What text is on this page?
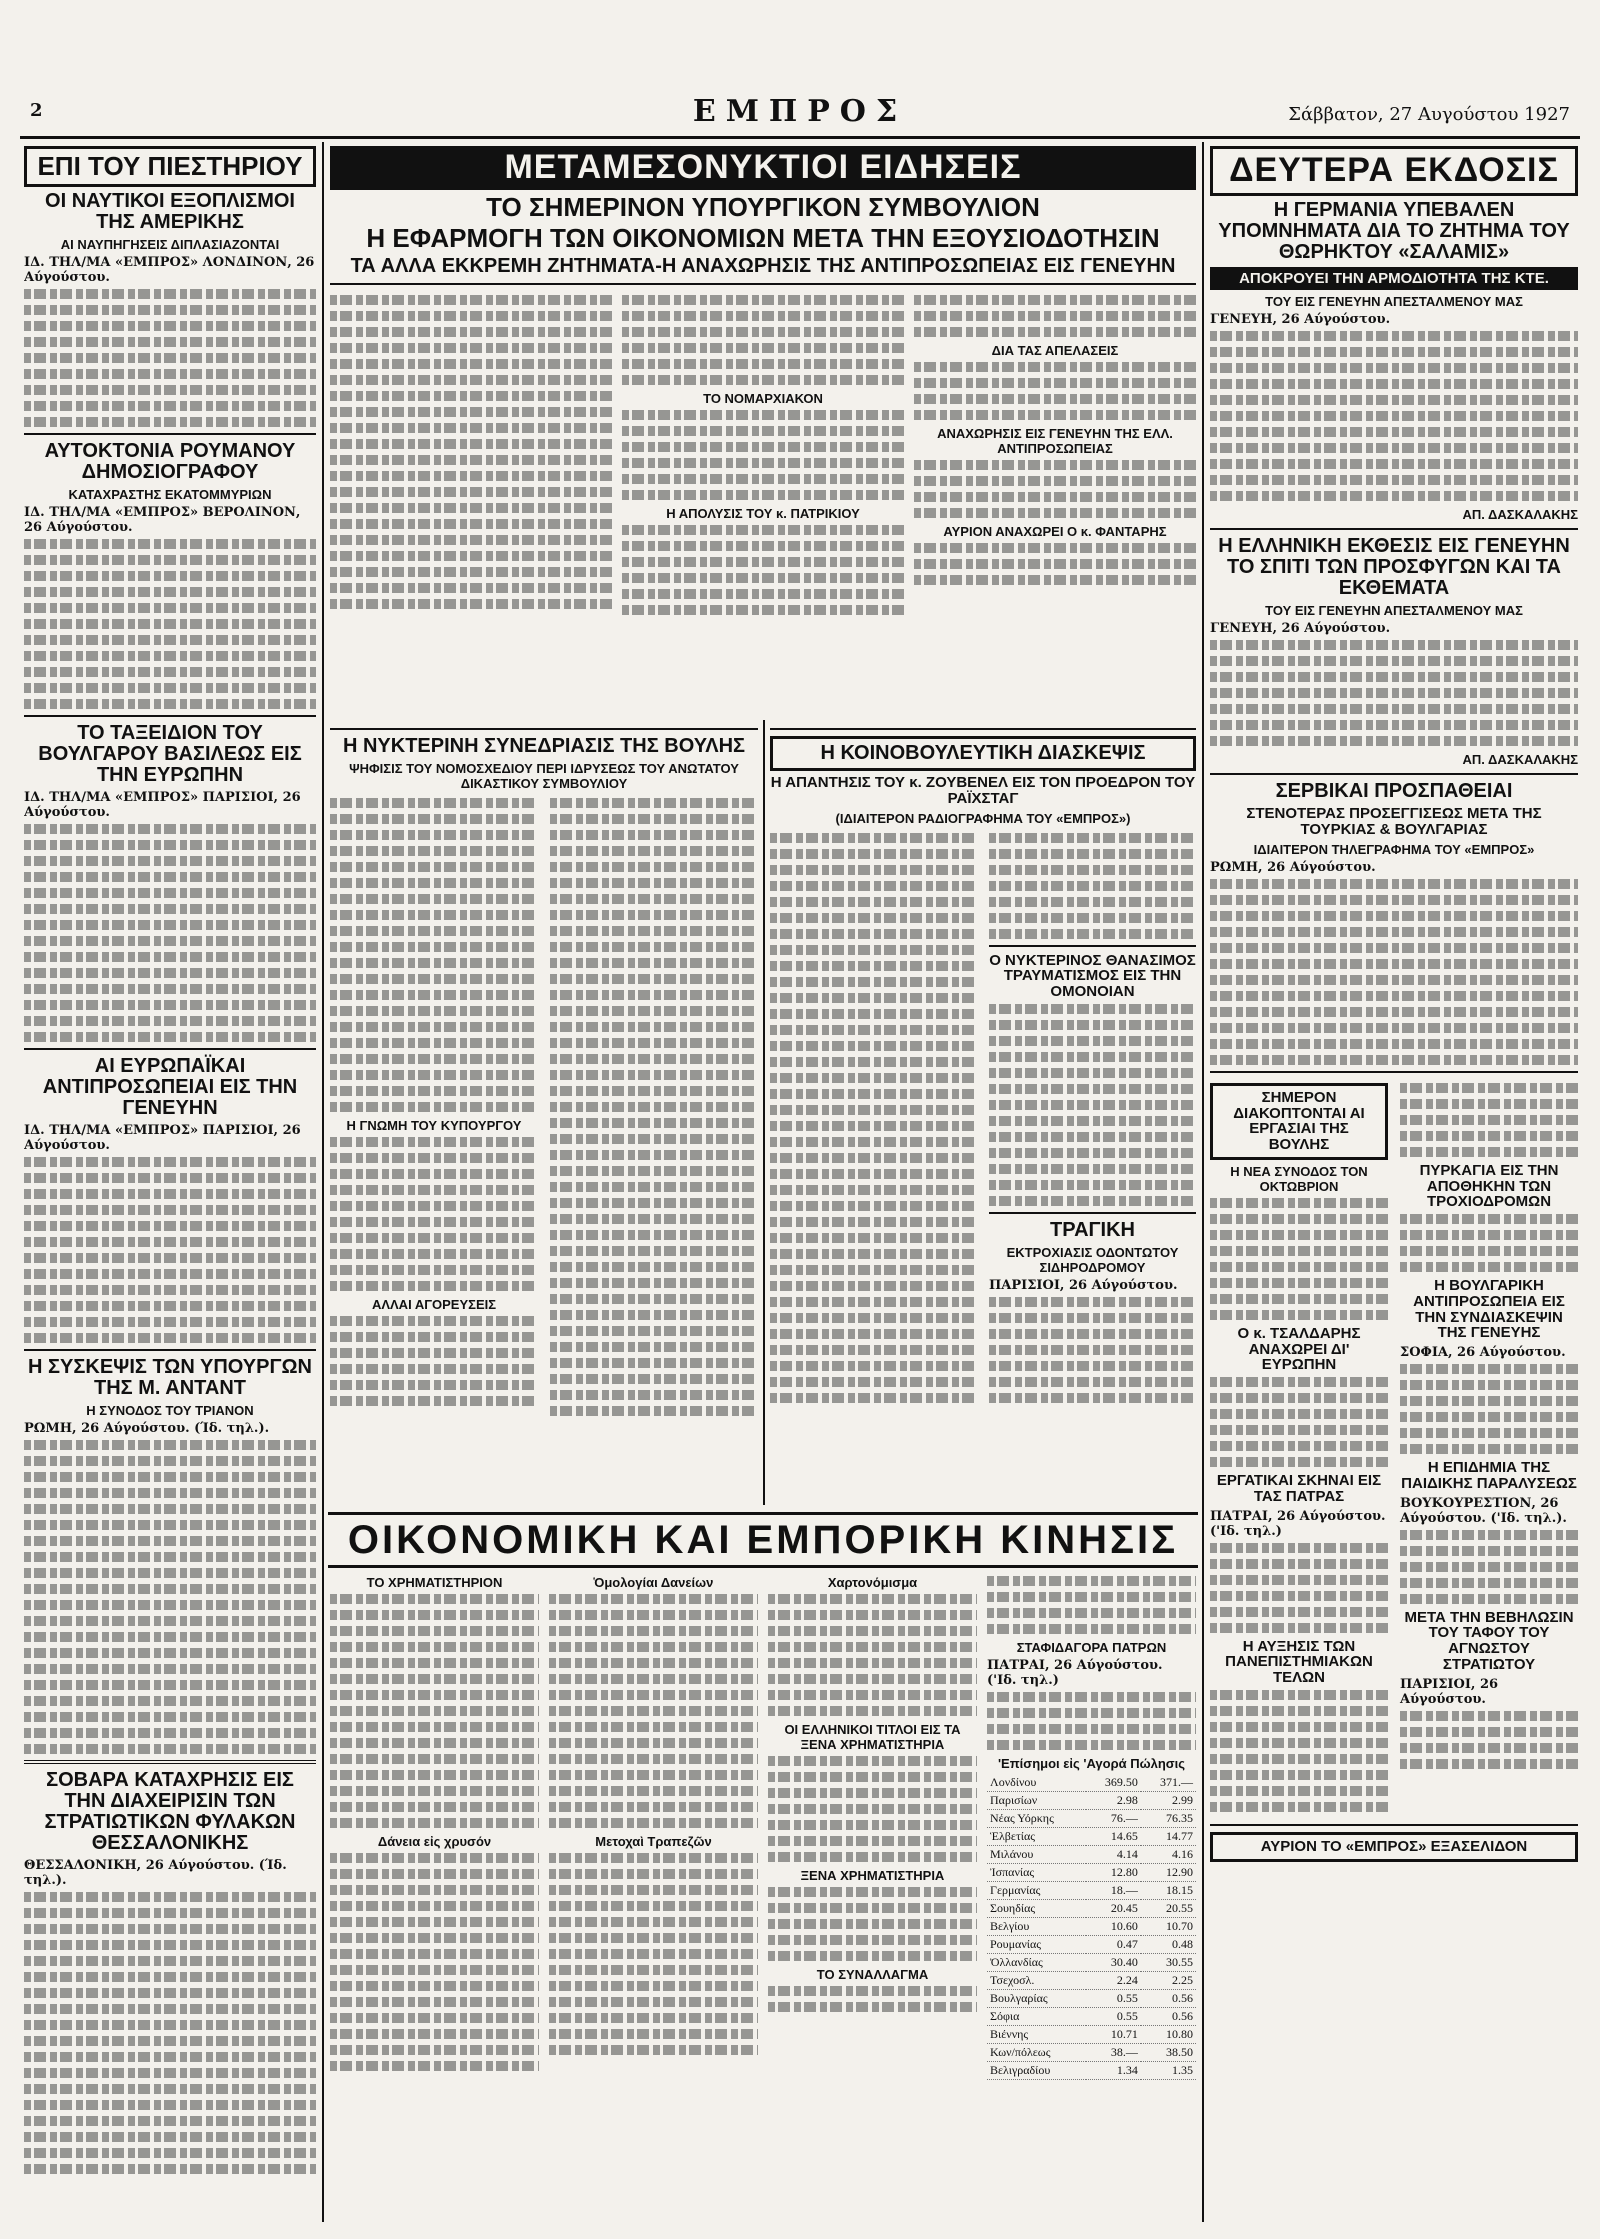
2	ΕΜΠΡΟΣ	Σάββατον, 27 Αυγούστου 1927
ΕΠΙ ΤΟΥ ΠΙΕΣΤΗΡΙΟΥ
ΟΙ ΝΑΥΤΙΚΟΙ ΕΞΟΠΛΙΣΜΟΙ ΤΗΣ ΑΜΕΡΙΚΗΣ
ΑΙ ΝΑΥΠΗΓΗΣΕΙΣ ΔΙΠΛΑΣΙΑΖΟΝΤΑΙ
ΙΔ. ΤΗΛ/ΜΑ «ΕΜΠΡΟΣ» ΛΟΝΔΙΝΟΝ, 26 Αύγούστου.
ΑΥΤΟΚΤΟΝΙΑ ΡΟΥΜΑΝΟΥ ΔΗΜΟΣΙΟΓΡΑΦΟΥ
ΚΑΤΑΧΡΑΣΤΗΣ ΕΚΑΤΟΜΜΥΡΙΩΝ
ΙΔ. ΤΗΛ/ΜΑ «ΕΜΠΡΟΣ» ΒΕΡΟΛΙΝΟΝ, 26 Αύγούστου.
ΤΟ ΤΑΞΕΙΔΙΟΝ ΤΟΥ ΒΟΥΛΓΑΡΟΥ ΒΑΣΙΛΕΩΣ ΕΙΣ ΤΗΝ ΕΥΡΩΠΗΝ
ΙΔ. ΤΗΛ/ΜΑ «ΕΜΠΡΟΣ» ΠΑΡΙΣΙΟΙ, 26 Αύγούστου.
ΑΙ ΕΥΡΩΠΑΪΚΑΙ ΑΝΤΙΠΡΟΣΩΠΕΙΑΙ ΕΙΣ ΤΗΝ ΓΕΝΕΥΗΝ
ΙΔ. ΤΗΛ/ΜΑ «ΕΜΠΡΟΣ» ΠΑΡΙΣΙΟΙ, 26 Αύγούστου.
Η ΣΥΣΚΕΨΙΣ ΤΩΝ ΥΠΟΥΡΓΩΝ ΤΗΣ Μ. ΑΝΤΑΝΤ
Η ΣΥΝΟΔΟΣ ΤΟΥ ΤΡΙΑΝΟΝ
ΡΩΜΗ, 26 Αύγούστου. (Ίδ. τηλ.).
ΣΟΒΑΡΑ ΚΑΤΑΧΡΗΣΙΣ ΕΙΣ ΤΗΝ ΔΙΑΧΕΙΡΙΣΙΝ ΤΩΝ ΣΤΡΑΤΙΩΤΙΚΩΝ ΦΥΛΑΚΩΝ ΘΕΣΣΑΛΟΝΙΚΗΣ
ΘΕΣΣΑΛΟΝΙΚΗ, 26 Αύγούστου. (Ίδ. τηλ.).
ΜΕΤΑΜΕΣΟΝΥΚΤΙΟΙ ΕΙΔΗΣΕΙΣ
ΤΟ ΣΗΜΕΡΙΝΟΝ ΥΠΟΥΡΓΙΚΟΝ ΣΥΜΒΟΥΛΙΟΝ
Η ΕΦΑΡΜΟΓΗ ΤΩΝ ΟΙΚΟΝΟΜΙΩΝ ΜΕΤΑ ΤΗΝ ΕΞΟΥΣΙΟΔΟΤΗΣΙΝ
ΤΑ ΑΛΛΑ ΕΚΚΡΕΜΗ ΖΗΤΗΜΑΤΑ-Η ΑΝΑΧΩΡΗΣΙΣ ΤΗΣ ΑΝΤΙΠΡΟΣΩΠΕΙΑΣ ΕΙΣ ΓΕΝΕΥΗΝ
ΤΟ ΝΟΜΑΡΧΙΑΚΟΝ
Η ΑΠΟΛΥΣΙΣ ΤΟΥ κ. ΠΑΤΡΙΚΙΟΥ
ΔΙΑ ΤΑΣ ΑΠΕΛΑΣΕΙΣ
ΑΝΑΧΩΡΗΣΙΣ ΕΙΣ ΓΕΝΕΥΗΝ ΤΗΣ ΕΛΛ. ΑΝΤΙΠΡΟΣΩΠΕΙΑΣ
ΑΥΡΙΟΝ ΑΝΑΧΩΡΕΙ Ο κ. ΦΑΝΤΑΡΗΣ
Η ΝΥΚΤΕΡΙΝΗ ΣΥΝΕΔΡΙΑΣΙΣ ΤΗΣ ΒΟΥΛΗΣ
ΨΗΦΙΣΙΣ ΤΟΥ ΝΟΜΟΣΧΕΔΙΟΥ ΠΕΡΙ ΙΔΡΥΣΕΩΣ ΤΟΥ ΑΝΩΤΑΤΟΥ ΔΙΚΑΣΤΙΚΟΥ ΣΥΜΒΟΥΛΙΟΥ
Η ΓΝΩΜΗ ΤΟΥ ΚΥΠΟΥΡΓΟΥ
ΑΛΛΑΙ ΑΓΟΡΕΥΣΕΙΣ
Η ΚΟΙΝΟΒΟΥΛΕΥΤΙΚΗ ΔΙΑΣΚΕΨΙΣ
Η ΑΠΑΝΤΗΣΙΣ ΤΟΥ κ. ΖΟΥΒΕΝΕΛ ΕΙΣ ΤΟΝ ΠΡΟΕΔΡΟΝ ΤΟΥ ΡΑΪΧΣΤΑΓ
(ΙΔΙΑΙΤΕΡΟΝ ΡΑΔΙΟΓΡΑΦΗΜΑ ΤΟΥ «ΕΜΠΡΟΣ»)
Ο ΝΥΚΤΕΡΙΝΟΣ ΘΑΝΑΣΙΜΟΣ ΤΡΑΥΜΑΤΙΣΜΟΣ ΕΙΣ ΤΗΝ ΟΜΟΝΟΙΑΝ
ΤΡΑΓΙΚΗ
ΕΚΤΡΟΧΙΑΣΙΣ ΟΔΟΝΤΩΤΟΥ ΣΙΔΗΡΟΔΡΟΜΟΥ
ΠΑΡΙΣΙΟΙ, 26 Αύγούστου.
ΟΙΚΟΝΟΜΙΚΗ ΚΑΙ ΕΜΠΟΡΙΚΗ ΚΙΝΗΣΙΣ
ΤΟ ΧΡΗΜΑΤΙΣΤΗΡΙΟΝ
Δάνεια εἰς χρυσόν
Ὁμολογίαι Δανείων
Μετοχαὶ Τραπεζῶν
Χαρτονόμισμα
ΟΙ ΕΛΛΗΝΙΚΟΙ ΤΙΤΛΟΙ ΕΙΣ ΤΑ ΞΕΝΑ ΧΡΗΜΑΤΙΣΤΗΡΙΑ
ΞΕΝΑ ΧΡΗΜΑΤΙΣΤΗΡΙΑ
ΤΟ ΣΥΝΑΛΛΑΓΜΑ
ΣΤΑΦΙΔΑΓΟΡΑ ΠΑΤΡΩΝ
ΠΑΤΡΑΙ, 26 Αύγούστου. ('Ιδ. τηλ.)
'Επίσημοι εἰς 'Αγορά Πώλησις
Λονδίνου	369.50	371.—
Παρισίων	2.98	2.99
Νέας Υόρκης	76.—	76.35
Ἑλβετίας	14.65	14.77
Μιλάνου	4.14	4.16
Ἰσπανίας	12.80	12.90
Γερμανίας	18.—	18.15
Σουηδίας	20.45	20.55
Βελγίου	10.60	10.70
Ρουμανίας	0.47	0.48
Ὀλλανδίας	30.40	30.55
Τσεχοσλ.	2.24	2.25
Βουλγαρίας	0.55	0.56
Σόφια	0.55	0.56
Βιέννης	10.71	10.80
Κων/πόλεως	38.—	38.50
Βελιγραδίου	1.34	1.35
ΔΕΥΤΕΡΑ ΕΚΔΟΣΙΣ
Η ΓΕΡΜΑΝΙΑ ΥΠΕΒΑΛΕΝ ΥΠΟΜΝΗΜΑΤΑ ΔΙΑ ΤΟ ΖΗΤΗΜΑ ΤΟΥ ΘΩΡΗΚΤΟΥ «ΣΑΛΑΜΙΣ»
ΑΠΟΚΡΟΥΕΙ ΤΗΝ ΑΡΜΟΔΙΟΤΗΤΑ ΤΗΣ ΚΤΕ.
ΤΟΥ ΕΙΣ ΓΕΝΕΥΗΝ ΑΠΕΣΤΑΛΜΕΝΟΥ ΜΑΣ
ΓΕΝΕΥΗ, 26 Αύγούστου.
ΑΠ. ΔΑΣΚΑΛΑΚΗΣ
Η ΕΛΛΗΝΙΚΗ ΕΚΘΕΣΙΣ ΕΙΣ ΓΕΝΕΥΗΝ ΤΟ ΣΠΙΤΙ ΤΩΝ ΠΡΟΣΦΥΓΩΝ ΚΑΙ ΤΑ ΕΚΘΕΜΑΤΑ
ΤΟΥ ΕΙΣ ΓΕΝΕΥΗΝ ΑΠΕΣΤΑΛΜΕΝΟΥ ΜΑΣ
ΓΕΝΕΥΗ, 26 Αύγούστου.
ΑΠ. ΔΑΣΚΑΛΑΚΗΣ
ΣΕΡΒΙΚΑΙ ΠΡΟΣΠΑΘΕΙΑΙ
ΣΤΕΝΟΤΕΡΑΣ ΠΡΟΣΕΓΓΙΣΕΩΣ ΜΕΤΑ ΤΗΣ ΤΟΥΡΚΙΑΣ & ΒΟΥΛΓΑΡΙΑΣ
ΙΔΙΑΙΤΕΡΟΝ ΤΗΛΕΓΡΑΦΗΜΑ ΤΟΥ «ΕΜΠΡΟΣ»
ΡΩΜΗ, 26 Αύγούστου.
ΣΗΜΕΡΟΝ ΔΙΑΚΟΠΤΟΝΤΑΙ ΑΙ ΕΡΓΑΣΙΑΙ ΤΗΣ ΒΟΥΛΗΣ
Η ΝΕΑ ΣΥΝΟΔΟΣ ΤΟΝ ΟΚΤΩΒΡΙΟΝ
Ο κ. ΤΣΑΛΔΑΡΗΣ ΑΝΑΧΩΡΕΙ ΔΙ' ΕΥΡΩΠΗΝ
ΕΡΓΑΤΙΚΑΙ ΣΚΗΝΑΙ ΕΙΣ ΤΑΣ ΠΑΤΡΑΣ
ΠΑΤΡΑΙ, 26 Αύγούστου. ('Ιδ. τηλ.)
Η ΑΥΞΗΣΙΣ ΤΩΝ ΠΑΝΕΠΙΣΤΗΜΙΑΚΩΝ ΤΕΛΩΝ
ΠΥΡΚΑΓΙΑ ΕΙΣ ΤΗΝ ΑΠΟΘΗΚΗΝ ΤΩΝ ΤΡΟΧΙΟΔΡΟΜΩΝ
Η ΒΟΥΛΓΑΡΙΚΗ ΑΝΤΙΠΡΟΣΩΠΕΙΑ ΕΙΣ ΤΗΝ ΣΥΝΔΙΑΣΚΕΨΙΝ ΤΗΣ ΓΕΝΕΥΗΣ
ΣΟΦΙΑ, 26 Αύγούστου.
Η ΕΠΙΔΗΜΙΑ ΤΗΣ ΠΑΙΔΙΚΗΣ ΠΑΡΑΛΥΣΕΩΣ
ΒΟΥΚΟΥΡΕΣΤΙΟΝ, 26 Αύγούστου. ('Ιδ. τηλ.).
ΜΕΤΑ ΤΗΝ ΒΕΒΗΛΩΣΙΝ ΤΟΥ ΤΑΦΟΥ ΤΟΥ ΑΓΝΩΣΤΟΥ ΣΤΡΑΤΙΩΤΟΥ
ΠΑΡΙΣΙΟΙ, 26 Αύγούστου.
ΑΥΡΙΟΝ ΤΟ «ΕΜΠΡΟΣ» ΕΞΑΣΕΛΙΔΟΝ
